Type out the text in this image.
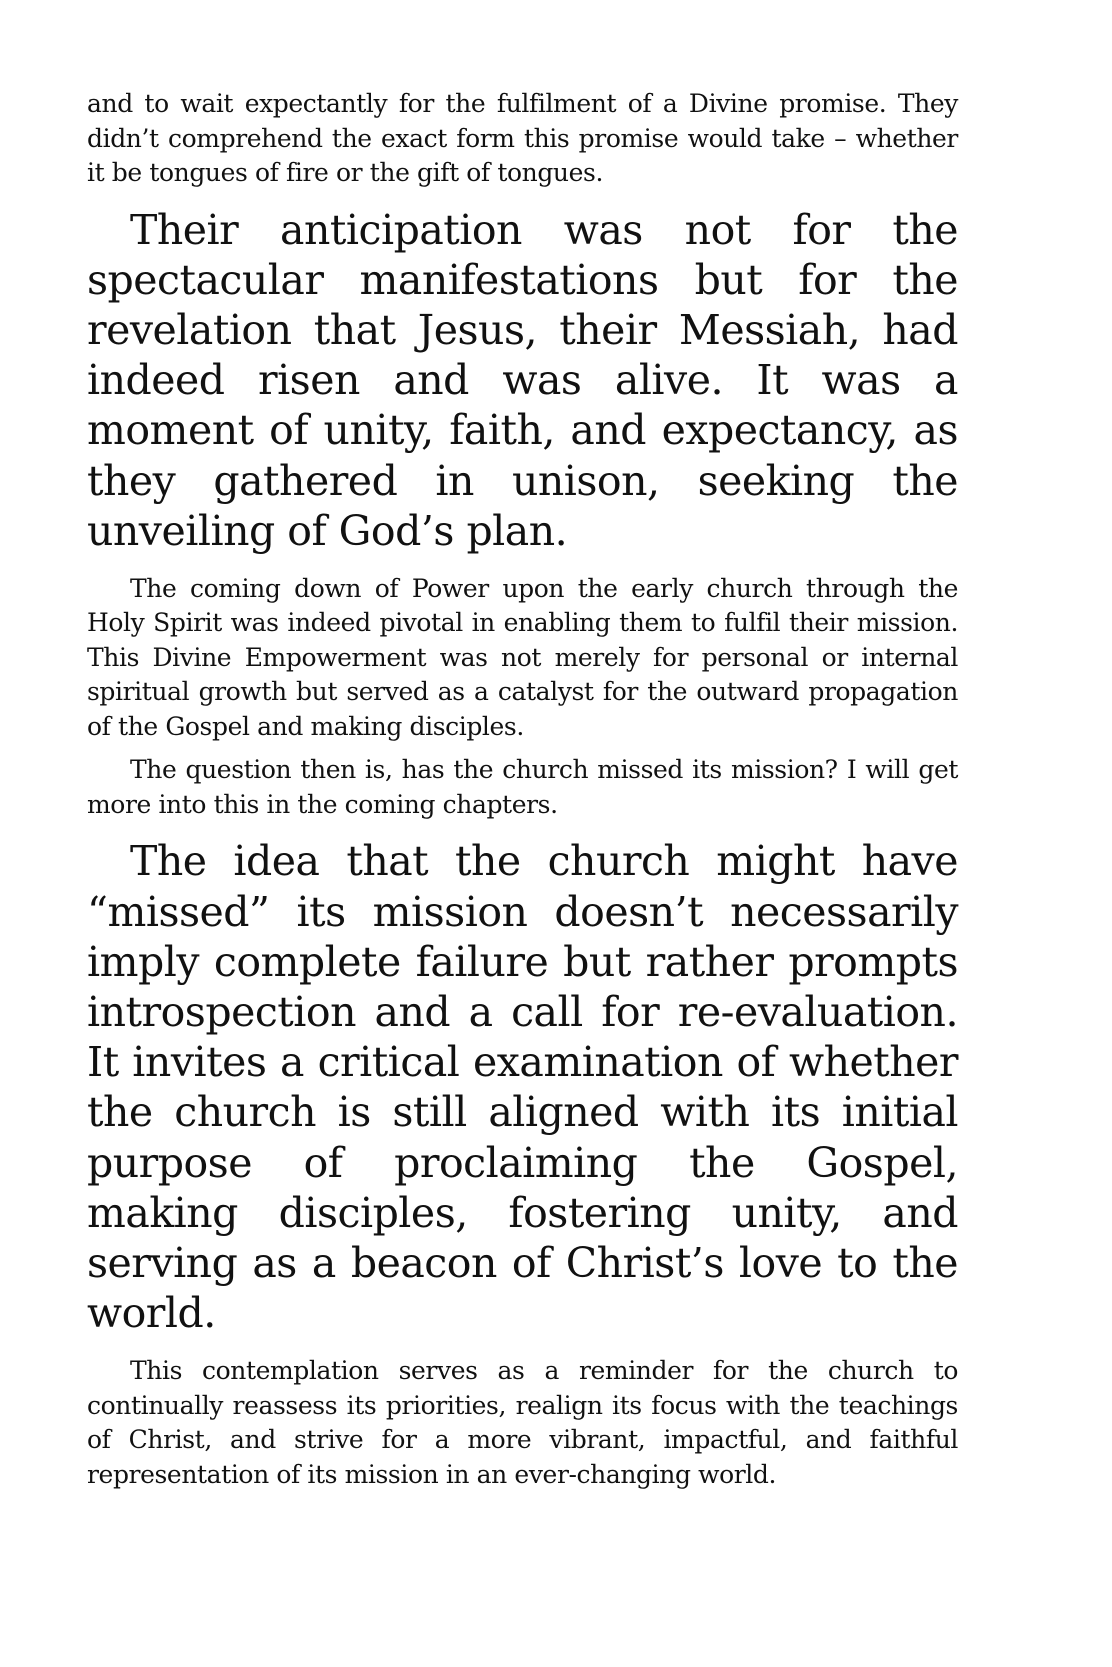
and to wait expectantly for the fulfilment of a Divine promise. They didn’t comprehend the exact form this promise would take – whether it be tongues of fire or the gift of tongues.

Their anticipation was not for the spectacular manifestations but for the revelation that Jesus, their Messiah, had indeed risen and was alive. It was a moment of unity, faith, and expectancy, as they gathered in unison, seeking the unveiling of God’s plan.

The coming down of Power upon the early church through the Holy Spirit was indeed pivotal in enabling them to fulfil their mission. This Divine Empowerment was not merely for personal or internal spiritual growth but served as a catalyst for the outward propagation of the Gospel and making disciples.

The question then is, has the church missed its mission? I will get more into this in the coming chapters.

The idea that the church might have “missed” its mission doesn’t necessarily imply complete failure but rather prompts introspection and a call for re-evaluation. It invites a critical examination of whether the church is still aligned with its initial purpose of proclaiming the Gospel, making disciples, fostering unity, and serving as a beacon of Christ’s love to the world.

This contemplation serves as a reminder for the church to continually reassess its priorities, realign its focus with the teachings of Christ, and strive for a more vibrant, impactful, and faithful representation of its mission in an ever-changing world.
